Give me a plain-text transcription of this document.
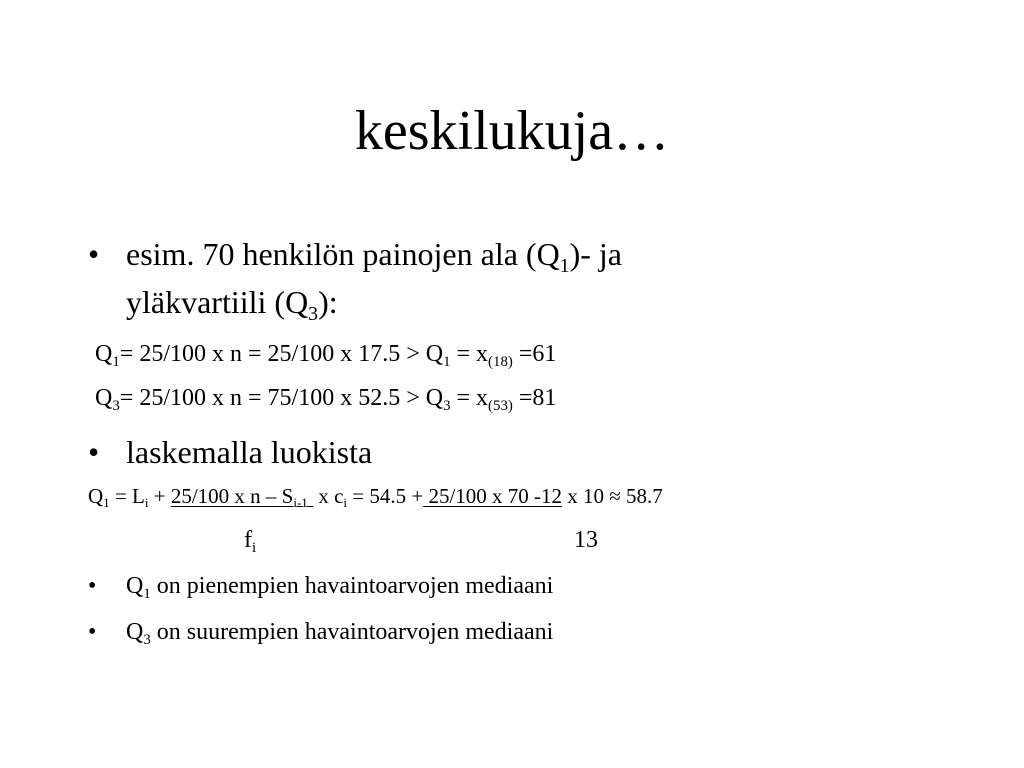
keskilukuja…
• esim. 70 henkilön painojen ala $(Q_1)-$ ja
yläkvartiili $(Q_3)$:
$Q_1= 25/100$ x n = 25/100 x $17.5 > Q_1 = x_{(18)} =61$
$Q_3= 25/100$ x n = 75/100 x $52.5 > Q_3 = x_{(53)} =81$
• laskemalla luokista
$Q_1 = L_i + 25/100$ x n – $S_{i-1}$  x $c_i = 54.5 + 25/100$ x 70 -12 x 10 ≈ 58.7
$f_i$	13
• $Q_1$ on pienempien havaintoarvojen mediaani
• $Q_3$ on suurempien havaintoarvojen mediaani
